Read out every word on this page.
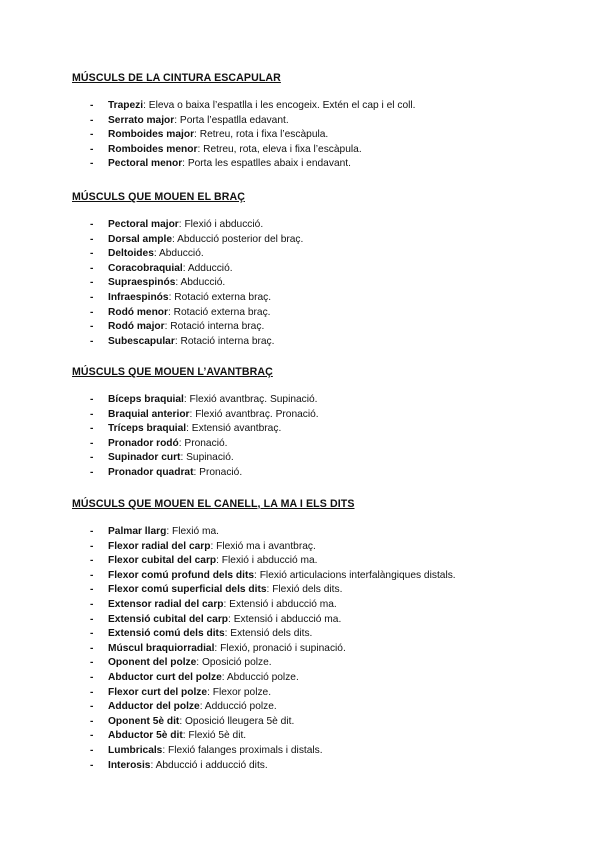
MÚSCULS DE LA CINTURA ESCAPULAR
- Trapezi: Eleva o baixa l’espatlla i les encogeix. Extén el cap i el coll.
- Serrato major: Porta l’espatlla edavant.
- Romboides major: Retreu, rota i fixa l’escàpula.
- Romboides menor: Retreu, rota, eleva i fixa l’escàpula.
- Pectoral menor: Porta les espatlles abaix i endavant.
MÚSCULS QUE MOUEN EL BRAÇ
- Pectoral major: Flexió i abducció.
- Dorsal ample: Abducció posterior del braç.
- Deltoides: Abducció.
- Coracobraquial: Adducció.
- Supraespinós: Abducció.
- Infraespinós: Rotació externa braç.
- Rodó menor: Rotació externa braç.
- Rodó major: Rotació interna braç.
- Subescapular: Rotació interna braç.
MÚSCULS QUE MOUEN L’AVANTBRAÇ
- Bíceps braquial: Flexió avantbraç. Supinació.
- Braquial anterior: Flexió avantbraç. Pronació.
- Tríceps braquial: Extensió avantbraç.
- Pronador rodó: Pronació.
- Supinador curt: Supinació.
- Pronador quadrat: Pronació.
MÚSCULS QUE MOUEN EL CANELL, LA MA I ELS DITS
- Palmar llarg: Flexió ma.
- Flexor radial del carp: Flexió ma i avantbraç.
- Flexor cubital del carp: Flexió i abducció ma.
- Flexor comú profund dels dits: Flexió articulacions interfalàngiques distals.
- Flexor comú superficial dels dits: Flexió dels dits.
- Extensor radial del carp: Extensió i abducció ma.
- Extensió cubital del carp: Extensió i abducció ma.
- Extensió comú dels dits: Extensió dels dits.
- Múscul braquiorradial: Flexió, pronació i supinació.
- Oponent del polze: Oposició polze.
- Abductor curt del polze: Abducció polze.
- Flexor curt del polze: Flexor polze.
- Adductor del polze: Adducció polze.
- Oponent 5è dit: Oposició lleugera 5è dit.
- Abductor 5è dit: Flexió 5è dit.
- Lumbricals: Flexió falanges proximals i distals.
- Interosis: Abducció i adducció dits.
